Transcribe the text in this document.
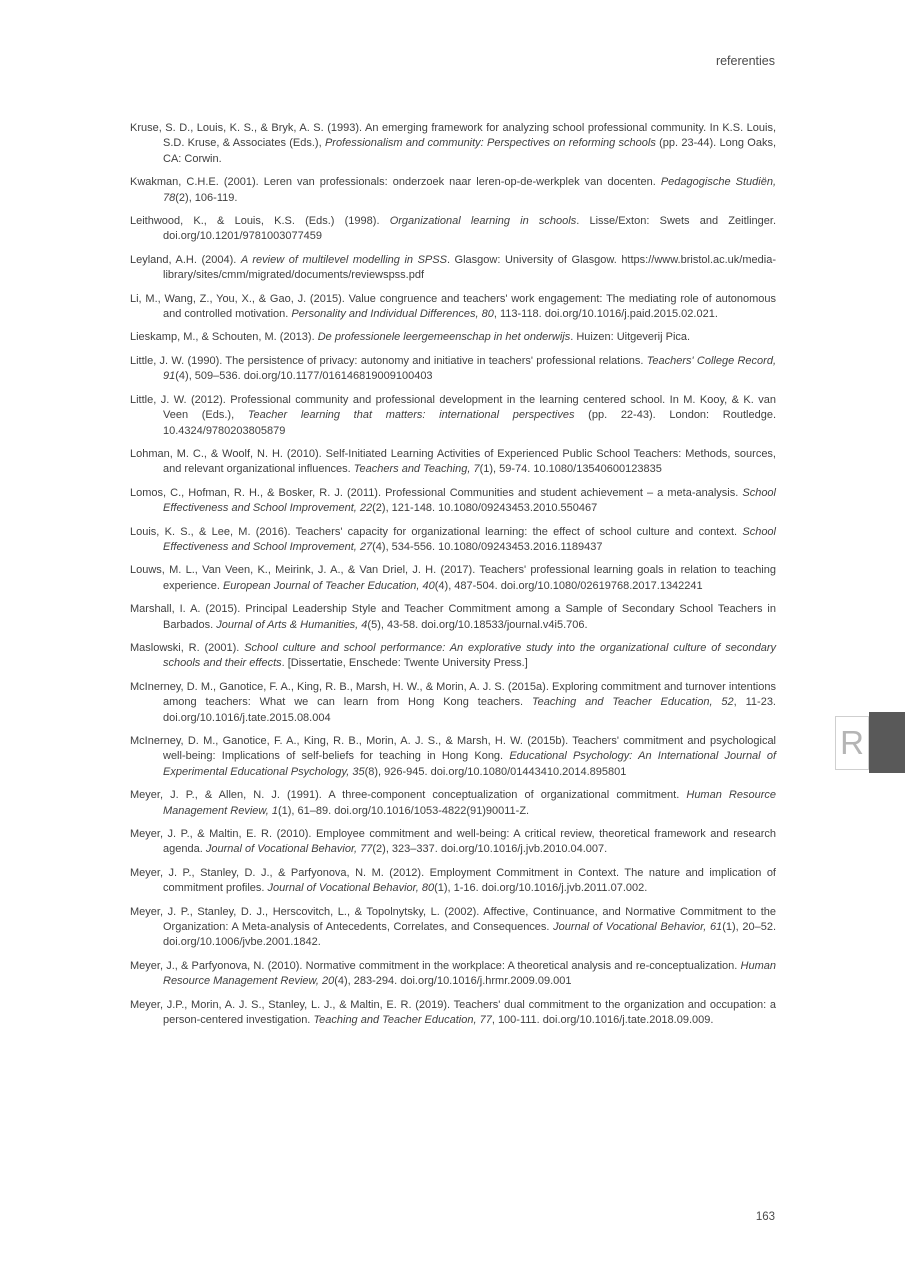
referenties

Kruse, S. D., Louis, K. S., & Bryk, A. S. (1993). An emerging framework for analyzing school professional community. In K.S. Louis, S.D. Kruse, & Associates (Eds.), Professionalism and community: Perspectives on reforming schools (pp. 23-44). Long Oaks, CA: Corwin.

Kwakman, C.H.E. (2001). Leren van professionals: onderzoek naar leren-op-de-werkplek van docenten. Pedagogische Studiën, 78(2), 106-119.

Leithwood, K., & Louis, K.S. (Eds.) (1998). Organizational learning in schools. Lisse/Exton: Swets and Zeitlinger. doi.org/10.1201/9781003077459

Leyland, A.H. (2004). A review of multilevel modelling in SPSS. Glasgow: University of Glasgow. https://www.bristol.ac.uk/media-library/sites/cmm/migrated/documents/reviewspss.pdf

Li, M., Wang, Z., You, X., & Gao, J. (2015). Value congruence and teachers' work engagement: The mediating role of autonomous and controlled motivation. Personality and Individual Differences, 80, 113-118. doi.org/10.1016/j.paid.2015.02.021.

Lieskamp, M., & Schouten, M. (2013). De professionele leergemeenschap in het onderwijs. Huizen: Uitgeverij Pica.

Little, J. W. (1990). The persistence of privacy: autonomy and initiative in teachers' professional relations. Teachers' College Record, 91(4), 509–536. doi.org/10.1177/016146819009100403

Little, J. W. (2012). Professional community and professional development in the learning centered school. In M. Kooy, & K. van Veen (Eds.), Teacher learning that matters: international perspectives (pp. 22-43). London: Routledge. 10.4324/9780203805879

Lohman, M. C., & Woolf, N. H. (2010). Self-Initiated Learning Activities of Experienced Public School Teachers: Methods, sources, and relevant organizational influences. Teachers and Teaching, 7(1), 59-74. 10.1080/13540600123835

Lomos, C., Hofman, R. H., & Bosker, R. J. (2011). Professional Communities and student achievement – a meta-analysis. School Effectiveness and School Improvement, 22(2), 121-148. 10.1080/09243453.2010.550467

Louis, K. S., & Lee, M. (2016). Teachers' capacity for organizational learning: the effect of school culture and context. School Effectiveness and School Improvement, 27(4), 534-556. 10.1080/09243453.2016.1189437

Louws, M. L., Van Veen, K., Meirink, J. A., & Van Driel, J. H. (2017). Teachers' professional learning goals in relation to teaching experience. European Journal of Teacher Education, 40(4), 487-504. doi.org/10.1080/02619768.2017.1342241

Marshall, I. A. (2015). Principal Leadership Style and Teacher Commitment among a Sample of Secondary School Teachers in Barbados. Journal of Arts & Humanities, 4(5), 43-58. doi.org/10.18533/journal.v4i5.706.

Maslowski, R. (2001). School culture and school performance: An explorative study into the organizational culture of secondary schools and their effects. [Dissertatie, Enschede: Twente University Press.]

McInerney, D. M., Ganotice, F. A., King, R. B., Marsh, H. W., & Morin, A. J. S. (2015a). Exploring commitment and turnover intentions among teachers: What we can learn from Hong Kong teachers. Teaching and Teacher Education, 52, 11-23. doi.org/10.1016/j.tate.2015.08.004

McInerney, D. M., Ganotice, F. A., King, R. B., Morin, A. J. S., & Marsh, H. W. (2015b). Teachers' commitment and psychological well-being: Implications of self-beliefs for teaching in Hong Kong. Educational Psychology: An International Journal of Experimental Educational Psychology, 35(8), 926-945. doi.org/10.1080/01443410.2014.895801

Meyer, J. P., & Allen, N. J. (1991). A three-component conceptualization of organizational commitment. Human Resource Management Review, 1(1), 61–89. doi.org/10.1016/1053-4822(91)90011-Z.

Meyer, J. P., & Maltin, E. R. (2010). Employee commitment and well-being: A critical review, theoretical framework and research agenda. Journal of Vocational Behavior, 77(2), 323–337. doi.org/10.1016/j.jvb.2010.04.007.

Meyer, J. P., Stanley, D. J., & Parfyonova, N. M. (2012). Employment Commitment in Context. The nature and implication of commitment profiles. Journal of Vocational Behavior, 80(1), 1-16. doi.org/10.1016/j.jvb.2011.07.002.

Meyer, J. P., Stanley, D. J., Herscovitch, L., & Topolnytsky, L. (2002). Affective, Continuance, and Normative Commitment to the Organization: A Meta-analysis of Antecedents, Correlates, and Consequences. Journal of Vocational Behavior, 61(1), 20–52. doi.org/10.1006/jvbe.2001.1842.

Meyer, J., & Parfyonova, N. (2010). Normative commitment in the workplace: A theoretical analysis and re-conceptualization. Human Resource Management Review, 20(4), 283-294. doi.org/10.1016/j.hrmr.2009.09.001

Meyer, J.P., Morin, A. J. S., Stanley, L. J., & Maltin, E. R. (2019). Teachers' dual commitment to the organization and occupation: a person-centered investigation. Teaching and Teacher Education, 77, 100-111. doi.org/10.1016/j.tate.2018.09.009.

163
R
